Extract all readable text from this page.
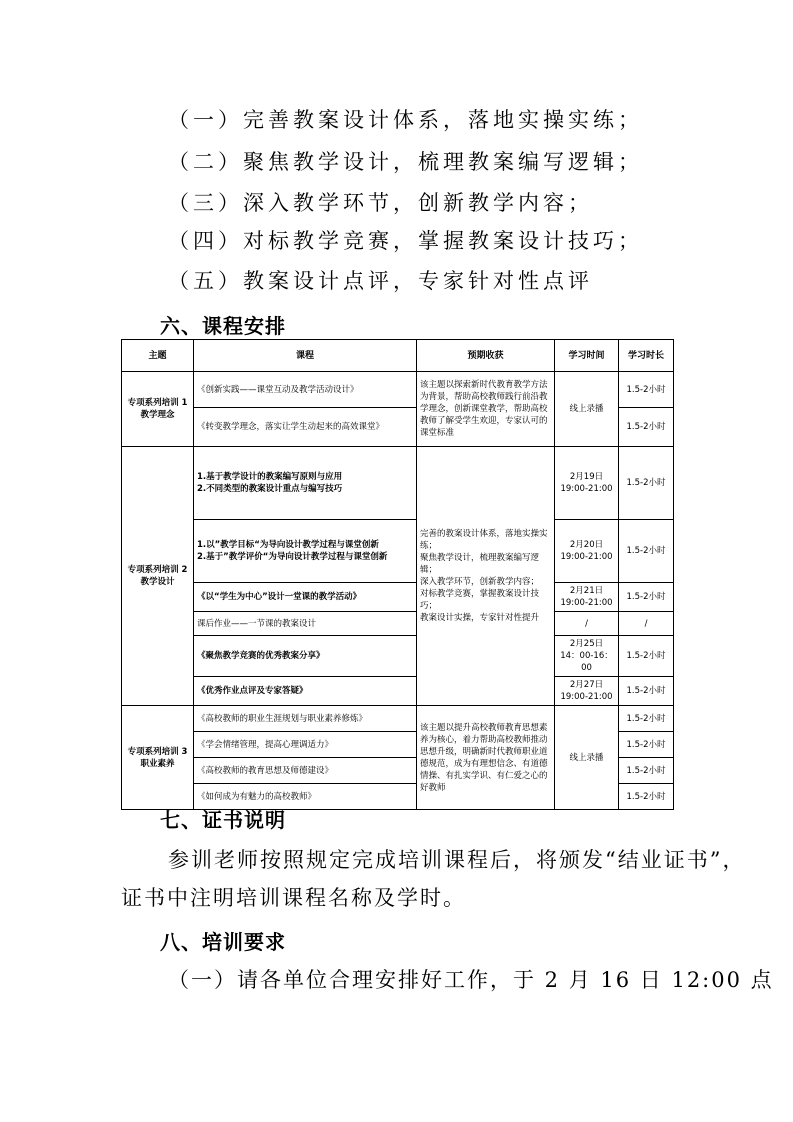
（一）完善教案设计体系，落地实操实练；
（二）聚焦教学设计，梳理教案编写逻辑；
（三）深入教学环节，创新教学内容；
（四）对标教学竞赛，掌握教案设计技巧；
（五）教案设计点评，专家针对性点评
六、课程安排
主题	课程	预期收获	学习时间	学习时长
专项系列培训 1
教学理念	《创新实践——课堂互动及教学活动设计》	该主题以探索新时代教育教学方法为背景，帮助高校教师践行前沿教学理念，创新课堂教学，帮助高校教师了解受学生欢迎，专家认可的课堂标准	线上录播	1.5-2小时
	《转变教学理念，落实让学生动起来的高效课堂》			1.5-2小时
专项系列培训 2
教学设计	1.基于教学设计的教案编写原则与应用
2.不同类型的教案设计重点与编写技巧	完善的教案设计体系，落地实操实练；
聚焦教学设计，梳理教案编写逻辑；
深入教学环节，创新教学内容；
对标教学竞赛，掌握教案设计技巧；
教案设计实操，专家针对性提升	2月19日
19:00-21:00	1.5-2小时
	1.以”教学目标“为导向设计教学过程与课堂创新
2.基于”教学评价“为导向设计教学过程与课堂创新		2月20日
19:00-21:00	1.5-2小时
	《以“学生为中心”设计一堂课的教学活动》		2月21日
19:00-21:00	1.5-2小时
	课后作业——一节课的教案设计		/	/
	《聚焦教学竞赛的优秀教案分享》		2月25日
14：00-16：00	1.5-2小时
	《优秀作业点评及专家答疑》		2月27日
19:00-21:00	1.5-2小时
专项系列培训 3
职业素养	《高校教师的职业生涯规划与职业素养修炼》	该主题以提升高校教师教育思想素养为核心，着力帮助高校教师推动思想升级，明确新时代教师职业道德规范，成为有理想信念、有道德情操、有扎实学识、有仁爱之心的好教师	线上录播	1.5-2小时
	《学会情绪管理，提高心理调适力》			1.5-2小时
	《高校教师的教育思想及师德建设》			1.5-2小时
	《如何成为有魅力的高校教师》			1.5-2小时
七、证书说明
参训老师按照规定完成培训课程后，将颁发“结业证书”，
证书中注明培训课程名称及学时。
八、培训要求
（一）请各单位合理安排好工作，于 2 月 16 日 12:00 点
